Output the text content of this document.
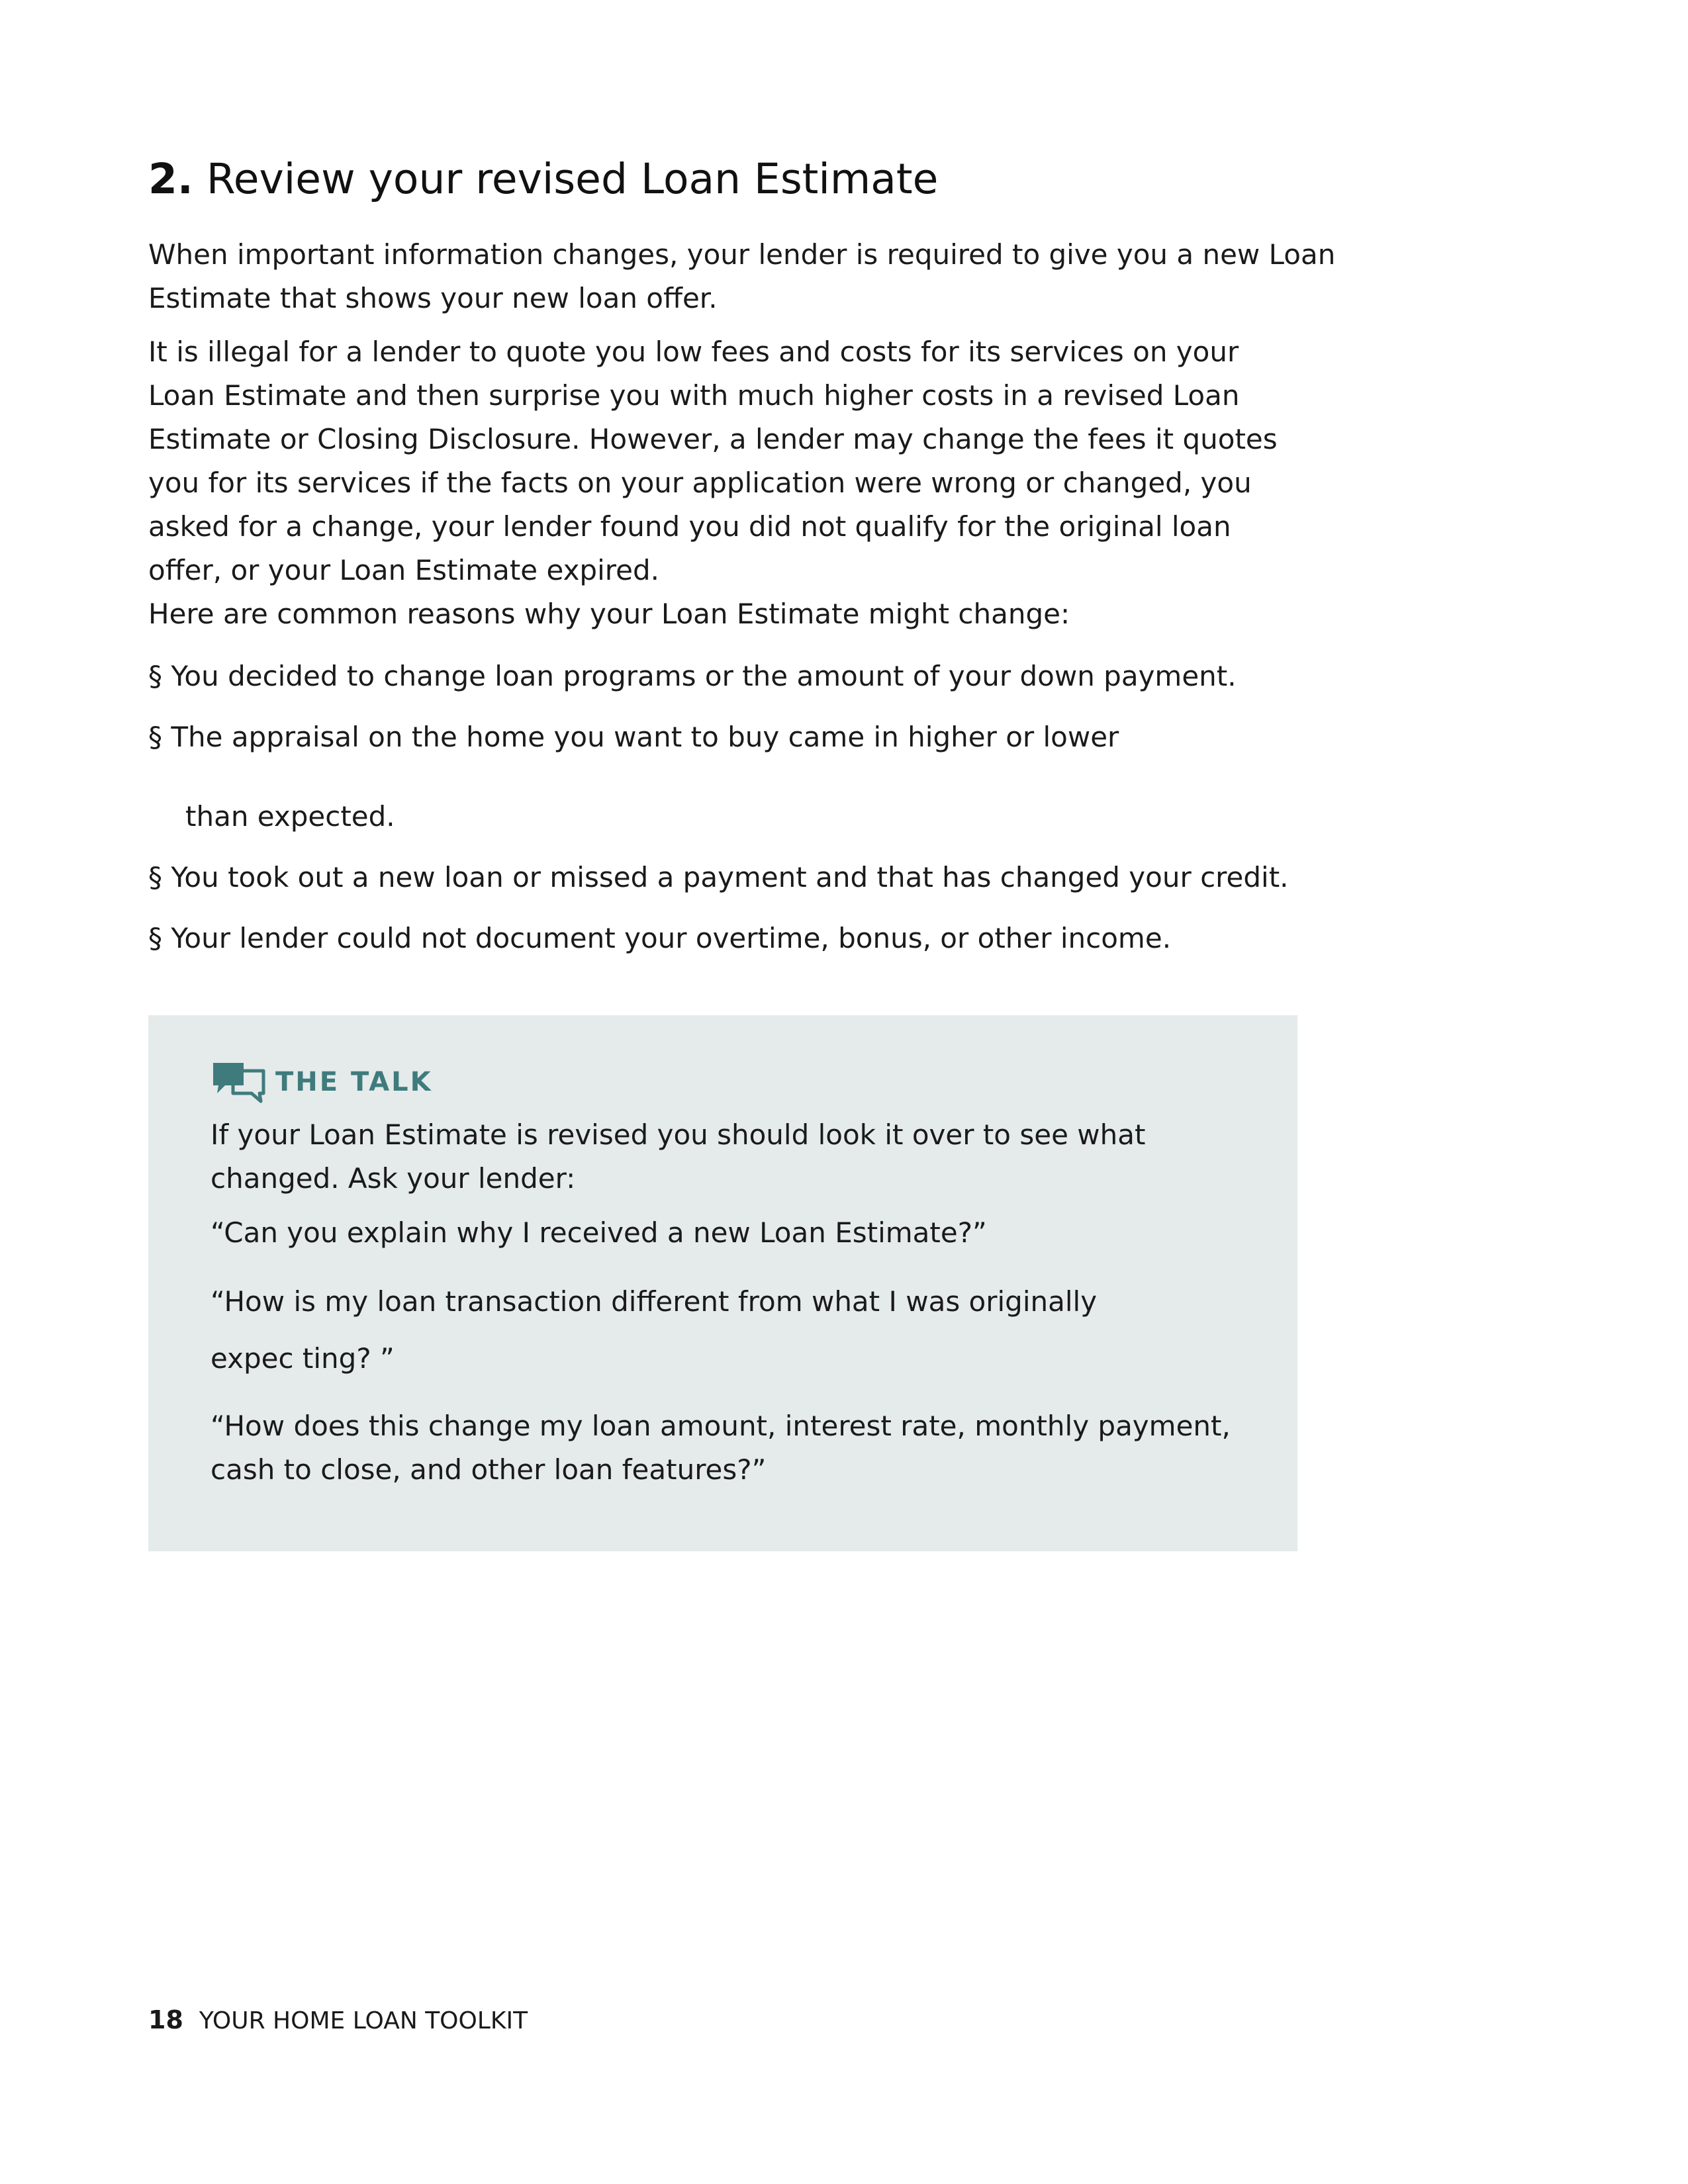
2. Review your revised Loan Estimate

When important information changes, your lender is required to give you a new Loan
Estimate that shows your new loan offer.

It is illegal for a lender to quote you low fees and costs for its services on your
Loan Estimate and then surprise you with much higher costs in a revised Loan
Estimate or Closing Disclosure. However, a lender may change the fees it quotes
you for its services if the facts on your application were wrong or changed, you
asked for a change, your lender found you did not qualify for the original loan
offer, or your Loan Estimate expired.

Here are common reasons why your Loan Estimate might change:

§ You decided to change loan programs or the amount of your down payment.

§ The appraisal on the home you want to buy came in higher or lower

than expected.

§ You took out a new loan or missed a payment and that has changed your credit.

§ Your lender could not document your overtime, bonus, or other income.

THE TALK

If your Loan Estimate is revised you should look it over to see what
changed. Ask your lender:

“Can you explain why I received a new Loan Estimate?”

“How is my loan transaction different from what I was originally

expec ting? ”

“How does this change my loan amount, interest rate, monthly payment,
cash to close, and other loan features?”

18 YOUR HOME LOAN TOOLKIT
